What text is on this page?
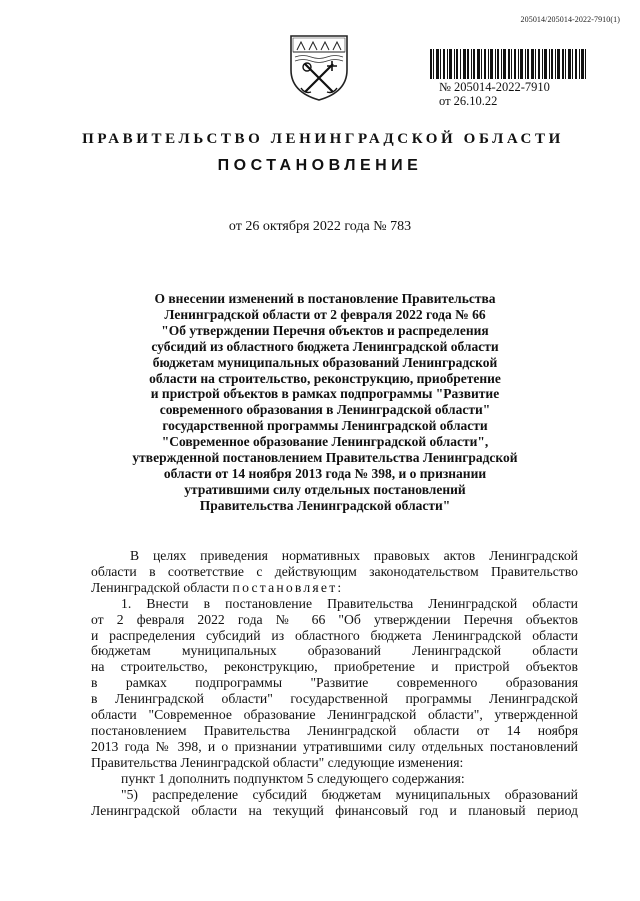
205014/205014-2022-7910(1)
№ 205014-2022-7910
от 26.10.22
ПРАВИТЕЛЬСТВО ЛЕНИНГРАДСКОЙ ОБЛАСТИ
ПОСТАНОВЛЕНИЕ
от 26 октября 2022 года № 783
О внесении изменений в постановление Правительства
Ленинградской области от 2 февраля 2022 года № 66
"Об утверждении Перечня объектов и распределения
субсидий из областного бюджета Ленинградской области
бюджетам муниципальных образований Ленинградской
области на строительство, реконструкцию, приобретение
и пристрой объектов в рамках подпрограммы "Развитие
современного образования в Ленинградской области"
государственной программы Ленинградской области
"Современное образование Ленинградской области",
утвержденной постановлением Правительства Ленинградской
области от 14 ноября 2013 года № 398, и о признании
утратившими силу отдельных постановлений
Правительства Ленинградской области"
В целях приведения нормативных правовых актов Ленинградской
области в соответствие с действующим законодательством Правительство
Ленинградской области постановляет:
1. Внести в постановление Правительства Ленинградской области
от 2 февраля 2022 года № 66 "Об утверждении Перечня объектов
и распределения субсидий из областного бюджета Ленинградской области
бюджетам муниципальных образований Ленинградской области
на строительство, реконструкцию, приобретение и пристрой объектов
в рамках подпрограммы "Развитие современного образования
в Ленинградской области" государственной программы Ленинградской
области "Современное образование Ленинградской области", утвержденной
постановлением Правительства Ленинградской области от 14 ноября
2013 года № 398, и о признании утратившими силу отдельных постановлений
Правительства Ленинградской области" следующие изменения:
пункт 1 дополнить подпунктом 5 следующего содержания:
"5) распределение субсидий бюджетам муниципальных образований
Ленинградской области на текущий финансовый год и плановый период
